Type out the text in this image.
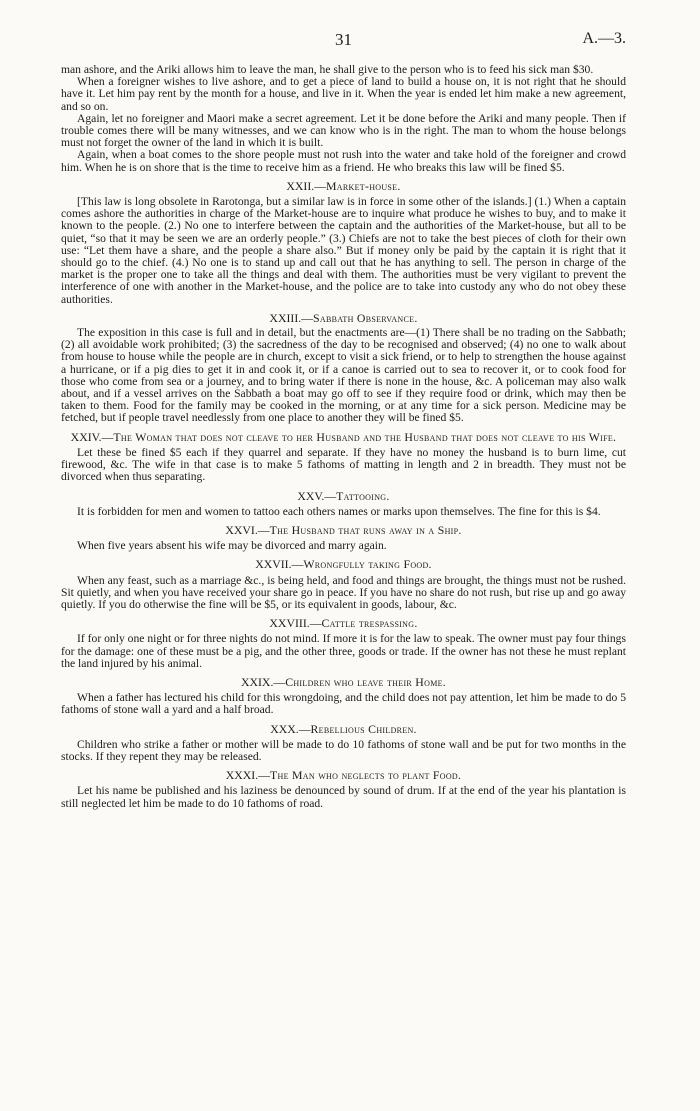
31	A.—3.

man ashore, and the Ariki allows him to leave the man, he shall give to the person who is to feed his sick man $30.

When a foreigner wishes to live ashore, and to get a piece of land to build a house on, it is not right that he should have it. Let him pay rent by the month for a house, and live in it. When the year is ended let him make a new agreement, and so on.

Again, let no foreigner and Maori make a secret agreement. Let it be done before the Ariki and many people. Then if trouble comes there will be many witnesses, and we can know who is in the right. The man to whom the house belongs must not forget the owner of the land in which it is built.

Again, when a boat comes to the shore people must not rush into the water and take hold of the foreigner and crowd him. When he is on shore that is the time to receive him as a friend. He who breaks this law will be fined $5.

XXII.—Market-house.

[This law is long obsolete in Rarotonga, but a similar law is in force in some other of the islands.] (1.) When a captain comes ashore the authorities in charge of the Market-house are to inquire what produce he wishes to buy, and to make it known to the people. (2.) No one to interfere between the captain and the authorities of the Market-house, but all to be quiet, “so that it may be seen we are an orderly people.” (3.) Chiefs are not to take the best pieces of cloth for their own use: “Let them have a share, and the people a share also.” But if money only be paid by the captain it is right that it should go to the chief. (4.) No one is to stand up and call out that he has anything to sell. The person in charge of the market is the proper one to take all the things and deal with them. The authorities must be very vigilant to prevent the interference of one with another in the Market-house, and the police are to take into custody any who do not obey these authorities.

XXIII.—Sabbath Observance.

The exposition in this case is full and in detail, but the enactments are—(1) There shall be no trading on the Sabbath; (2) all avoidable work prohibited; (3) the sacredness of the day to be recognised and observed; (4) no one to walk about from house to house while the people are in church, except to visit a sick friend, or to help to strengthen the house against a hurricane, or if a pig dies to get it in and cook it, or if a canoe is carried out to sea to recover it, or to cook food for those who come from sea or a journey, and to bring water if there is none in the house, &c. A policeman may also walk about, and if a vessel arrives on the Sabbath a boat may go off to see if they require food or drink, which may then be taken to them. Food for the family may be cooked in the morning, or at any time for a sick person. Medicine may be fetched, but if people travel needlessly from one place to another they will be fined $5.

XXIV.—The Woman that does not cleave to her Husband and the Husband that does not cleave to his Wife.

Let these be fined $5 each if they quarrel and separate. If they have no money the husband is to burn lime, cut firewood, &c. The wife in that case is to make 5 fathoms of matting in length and 2 in breadth. They must not be divorced when thus separating.

XXV.—Tattooing.

It is forbidden for men and women to tattoo each others names or marks upon themselves. The fine for this is $4.

XXVI.—The Husband that runs away in a Ship.

When five years absent his wife may be divorced and marry again.

XXVII.—Wrongfully taking Food.

When any feast, such as a marriage &c., is being held, and food and things are brought, the things must not be rushed. Sit quietly, and when you have received your share go in peace. If you have no share do not rush, but rise up and go away quietly. If you do otherwise the fine will be $5, or its equivalent in goods, labour, &c.

XXVIII.—Cattle trespassing.

If for only one night or for three nights do not mind. If more it is for the law to speak. The owner must pay four things for the damage: one of these must be a pig, and the other three, goods or trade. If the owner has not these he must replant the land injured by his animal.

XXIX.—Children who leave their Home.

When a father has lectured his child for this wrongdoing, and the child does not pay attention, let him be made to do 5 fathoms of stone wall a yard and a half broad.

XXX.—Rebellious Children.

Children who strike a father or mother will be made to do 10 fathoms of stone wall and be put for two months in the stocks. If they repent they may be released.

XXXI.—The Man who neglects to plant Food.

Let his name be published and his laziness be denounced by sound of drum. If at the end of the year his plantation is still neglected let him be made to do 10 fathoms of road.
